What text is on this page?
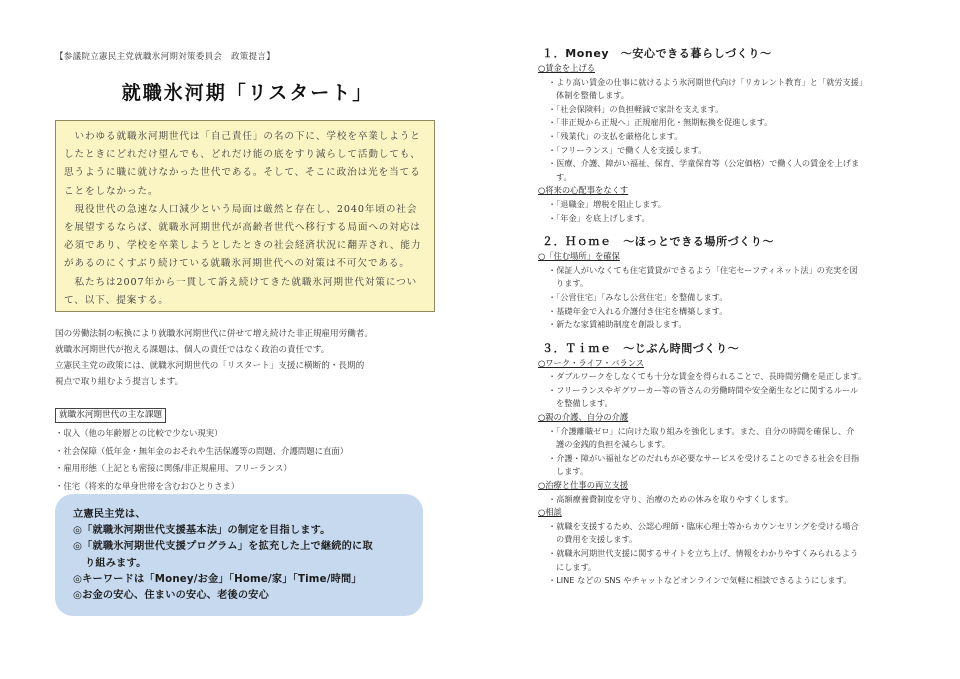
【参議院立憲民主党就職氷河期対策委員会　政策提言】
就職氷河期「リスタート」

　いわゆる就職氷河期世代は「自己責任」の名の下に、学校を卒業しようとしたときにどれだけ望んでも、どれだけ能の底をすり減らして活動しても、思うように職に就けなかった世代である。そして、そこに政治は光を当てることをしなかった。

　現役世代の急速な人口減少という局面は厳然と存在し、2040年頃の社会を展望するならば、就職氷河期世代が高齢者世代へ移行する局面への対応は必須であり、学校を卒業しようとしたときの社会経済状況に翻弄され、能力があるのにくすぶり続けている就職氷河期世代への対策は不可欠である。

　私たちは2007年から一貫して訴え続けてきた就職氷河期世代対策について、以下、提案する。

国の労働法制の転換により就職氷河期世代に併せて増え続けた非正規雇用労働者。
就職氷河期世代が抱える課題は、個人の責任ではなく政治の責任です。
立憲民主党の政策には、就職氷河期世代の「リスタート」支援に横断的・長期的
視点で取り組むよう提言します。
就職氷河期世代の主な課題
・収入（他の年齢層との比較で少ない現実）
・社会保障（低年金・無年金のおそれや生活保護等の問題、介護問題に直面）
・雇用形態（上記とも密接に関係/非正規雇用、フリーランス）
・住宅（将来的な単身世帯を含むおひとりさま）
立憲民主党は、
◎「就職氷河期世代支援基本法」の制定を目指します。
◎「就職氷河期世代支援プログラム」を拡充した上で継続的に取
り組みます。
◎キーワードは「Money/お金」「Home/家」「Time/時間」
◎お金の安心、住まいの安心、老後の安心
１．Money　～安心できる暮らしづくり～
○賃金を上げる
・より高い賃金の仕事に就けるよう氷河期世代向け「リカレント教育」と「就労支援」
体制を整備します。
・「社会保険料」の負担軽減で家計を支えます。
・「非正規から正規へ」正規雇用化・無期転換を促進します。
・「残業代」の支払を厳格化します。
・「フリーランス」で働く人を支援します。
・医療、介護、障がい福祉、保育、学童保育等（公定価格）で働く人の賃金を上げま
す。
○将来の心配事をなくす
・「退職金」増税を阻止します。
・「年金」を底上げします。
２．Ｈｏｍｅ　～ほっとできる場所づくり～
○「住む場所」を確保
・保証人がいなくても住宅賃貸ができるよう「住宅セーフティネット法」の充実を図
ります。
・「公営住宅」「みなし公営住宅」を整備します。
・基礎年金で入れる介護付き住宅を構築します。
・新たな家賃補助制度を創設します。
３．Ｔｉｍｅ　～じぶん時間づくり～
○ワーク・ライフ・バランス
・ダブルワークをしなくても十分な賃金を得られることで、長時間労働を是正します。
・フリーランスやギグワーカー等の皆さんの労働時間や安全衛生などに関するルール
を整備します。
○親の介護、自分の介護
・「介護離職ゼロ」に向けた取り組みを強化します。また、自分の時間を確保し、介
護の金銭的負担を減らします。
・介護・障がい福祉などのだれもが必要なサービスを受けることのできる社会を目指
します。
○治療と仕事の両立支援
・高額療養費制度を守り、治療のための休みを取りやすくします。
○相談
・就職を支援するため、公認心理師・臨床心理士等からカウンセリングを受ける場合
の費用を支援します。
・就職氷河期世代支援に関するサイトを立ち上げ、情報をわかりやすくみられるよう
にします。
・LINE などの SNS やチャットなどオンラインで気軽に相談できるようにします。
